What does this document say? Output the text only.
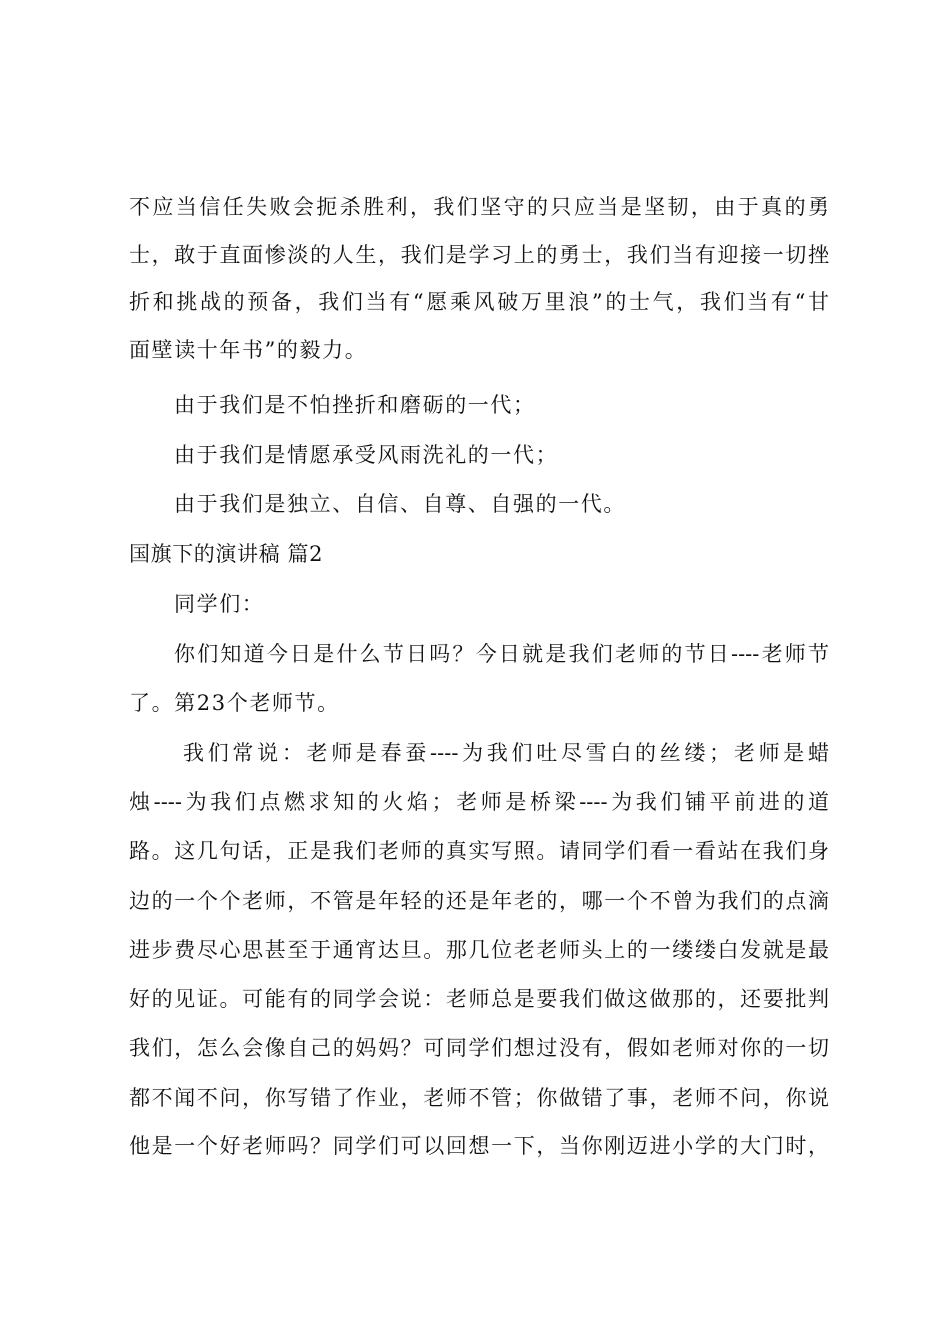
不应当信任失败会扼杀胜利，我们坚守的只应当是坚韧，由于真的勇
士，敢于直面惨淡的人生，我们是学习上的勇士，我们当有迎接一切挫
折和挑战的预备，我们当有“愿乘风破万里浪”的士气，我们当有“甘
面壁读十年书”的毅力。
由于我们是不怕挫折和磨砺的一代；
由于我们是情愿承受风雨洗礼的一代；
由于我们是独立、自信、自尊、自强的一代。
国旗下的演讲稿 篇2
同学们：
你们知道今日是什么节日吗？今日就是我们老师的节日----老师节
了。第23个老师节。
我们常说：老师是春蚕----为我们吐尽雪白的丝缕；老师是蜡
烛----为我们点燃求知的火焰；老师是桥梁----为我们铺平前进的道
路。这几句话，正是我们老师的真实写照。请同学们看一看站在我们身
边的一个个老师，不管是年轻的还是年老的，哪一个不曾为我们的点滴
进步费尽心思甚至于通宵达旦。那几位老老师头上的一缕缕白发就是最
好的见证。可能有的同学会说：老师总是要我们做这做那的，还要批判
我们，怎么会像自己的妈妈？可同学们想过没有，假如老师对你的一切
都不闻不问，你写错了作业，老师不管；你做错了事，老师不问，你说
他是一个好老师吗？同学们可以回想一下，当你刚迈进小学的大门时，
